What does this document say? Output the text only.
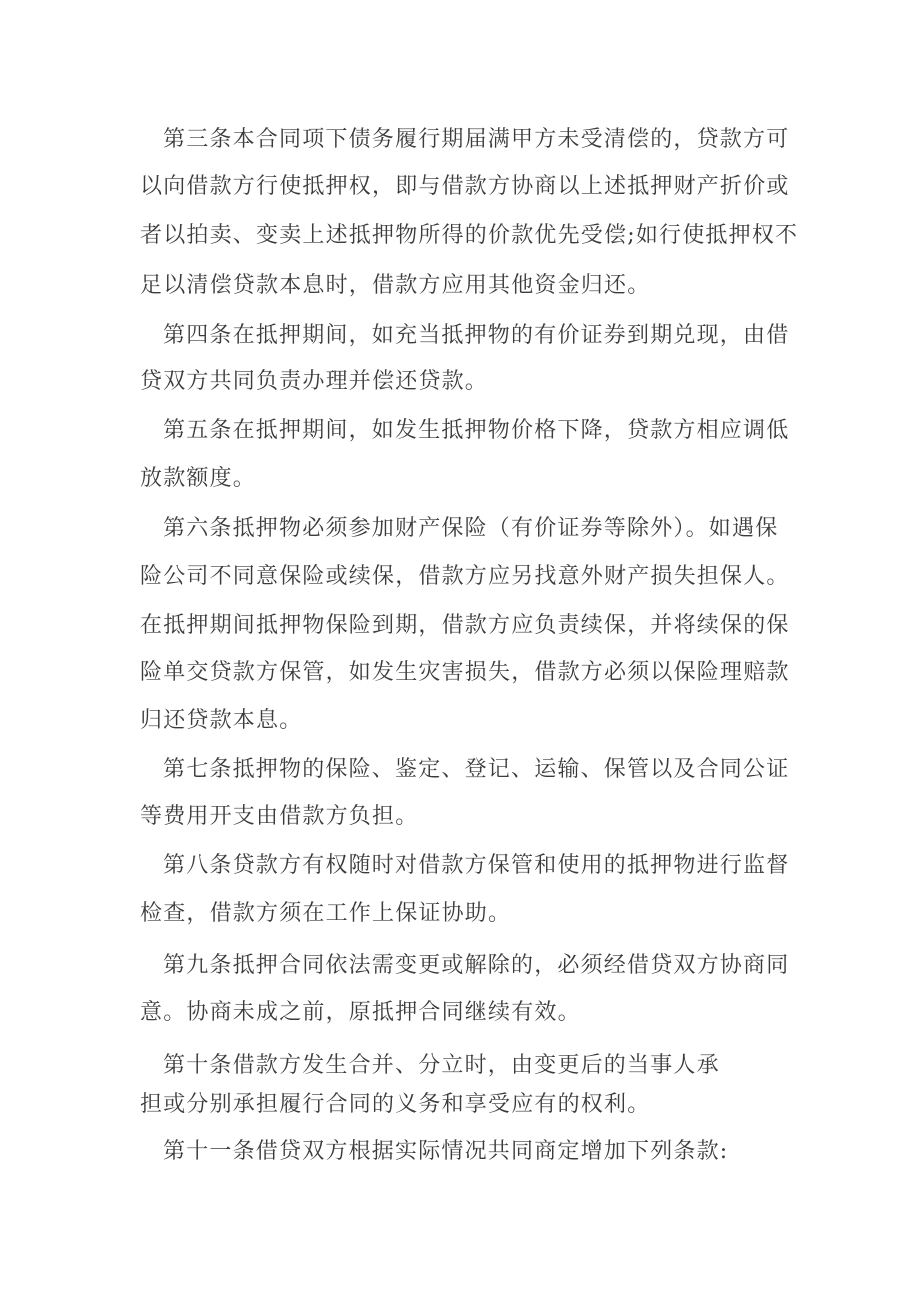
第三条本合同项下债务履行期届满甲方未受清偿的，贷款方可
以向借款方行使抵押权，即与借款方协商以上述抵押财产折价或
者以拍卖、变卖上述抵押物所得的价款优先受偿;如行使抵押权不
足以清偿贷款本息时，借款方应用其他资金归还。
第四条在抵押期间，如充当抵押物的有价证券到期兑现，由借
贷双方共同负责办理并偿还贷款。
第五条在抵押期间，如发生抵押物价格下降，贷款方相应调低
放款额度。
第六条抵押物必须参加财产保险（有价证券等除外）。如遇保
险公司不同意保险或续保，借款方应另找意外财产损失担保人。
在抵押期间抵押物保险到期，借款方应负责续保，并将续保的保
险单交贷款方保管，如发生灾害损失，借款方必须以保险理赔款
归还贷款本息。
第七条抵押物的保险、鉴定、登记、运输、保管以及合同公证
等费用开支由借款方负担。
第八条贷款方有权随时对借款方保管和使用的抵押物进行监督
检查，借款方须在工作上保证协助。
第九条抵押合同依法需变更或解除的，必须经借贷双方协商同
意。协商未成之前，原抵押合同继续有效。
第十条借款方发生合并、分立时，由变更后的当事人承
担或分别承担履行合同的义务和享受应有的权利。
第十一条借贷双方根据实际情况共同商定增加下列条款:
